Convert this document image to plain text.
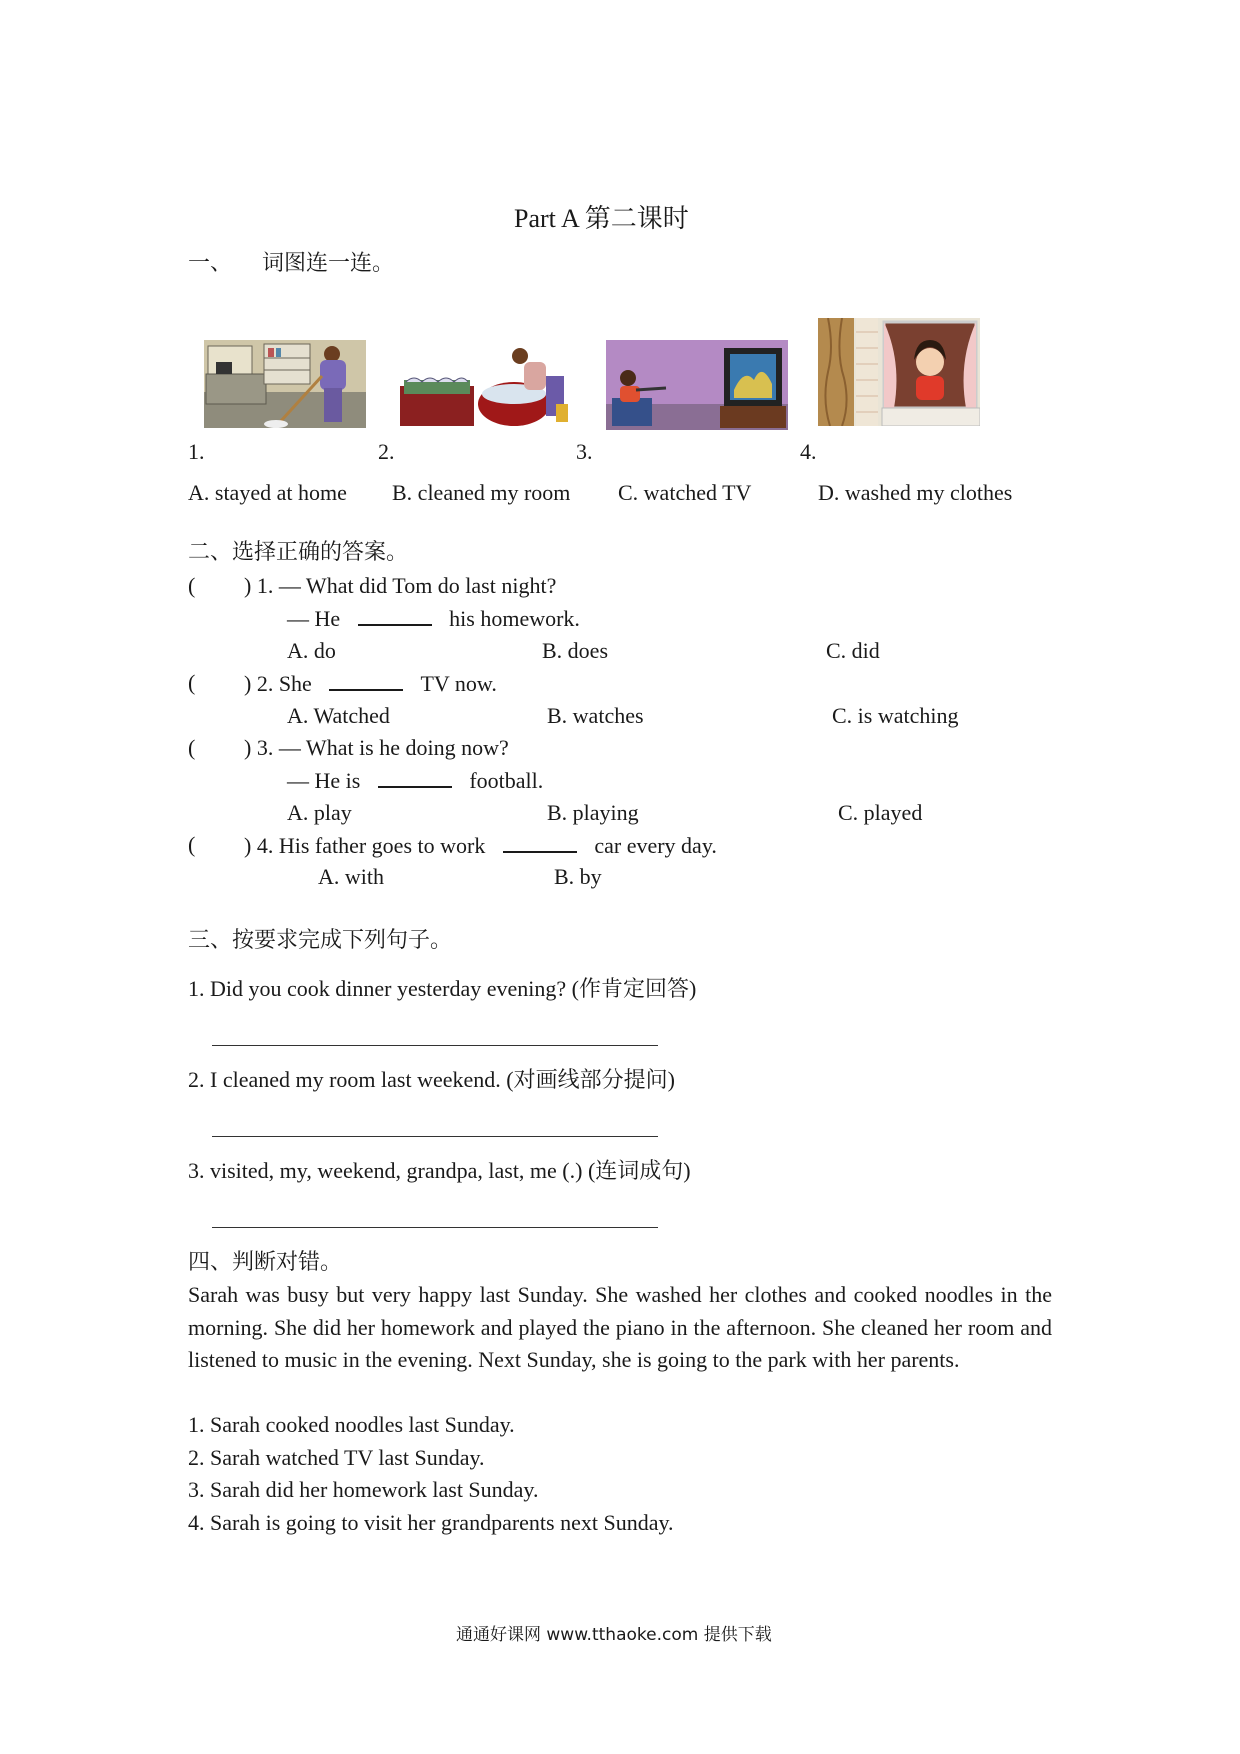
Part A 第二课时
一、 词图连一连。
1.	2.	3.	4.
A. stayed at home B. cleaned my room C. watched TV	D. washed my clothes
二、选择正确的答案。
( ) 1. — What did Tom do last night?
— He	his homework.
A. do	B. does	C. did
( ) 2. She	TV now.
A. Watched	B. watches	C. is watching
( ) 3. — What is he doing now?
— He is	football.
A. play	B. playing	C. played
( ) 4. His father goes to work	car every day.
A. with	B. by
三、按要求完成下列句子。
1. Did you cook dinner yesterday evening? (作肯定回答)
2. I cleaned my room last weekend. (对画线部分提问)
3. visited, my, weekend, grandpa, last, me (.) (连词成句)
四、判断对错。
Sarah was busy but very happy last Sunday. She washed her clothes and cooked noodles in the morning. She did her homework and played the piano in the afternoon. She cleaned her room and listened to music in the evening. Next Sunday, she is going to the park with her parents.
1. Sarah cooked noodles last Sunday.
2. Sarah watched TV last Sunday.
3. Sarah did her homework last Sunday.
4. Sarah is going to visit her grandparents next Sunday.
通通好课网 www.tthaoke.com 提供下载
